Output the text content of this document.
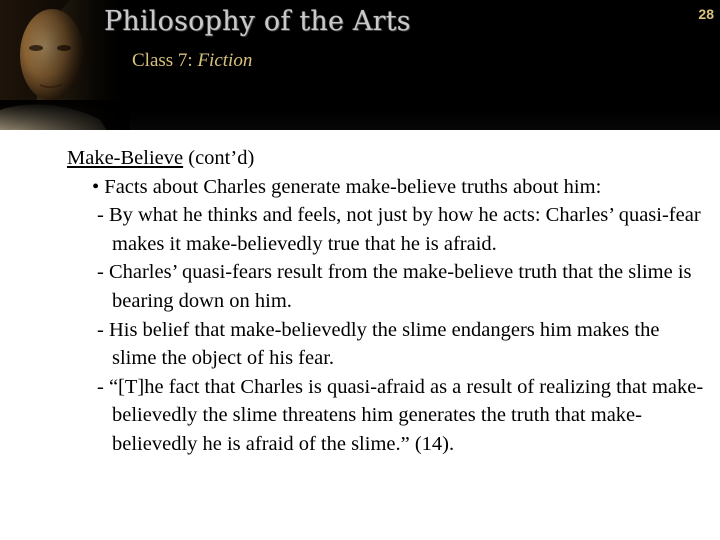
Philosophy of the Arts	28
Class 7: Fiction
Make-Believe (cont’d)
• Facts about Charles generate make-believe truths about him:
- By what he thinks and feels, not just by how he acts: Charles’ quasi-fear makes it make-believedly true that he is afraid.
- Charles’ quasi-fears result from the make-believe truth that the slime is bearing down on him.
- His belief that make-believedly the slime endangers him makes the slime the object of his fear.
- “[T]he fact that Charles is quasi-afraid as a result of realizing that make-believedly the slime threatens him generates the truth that make-believedly he is afraid of the slime.” (14).
